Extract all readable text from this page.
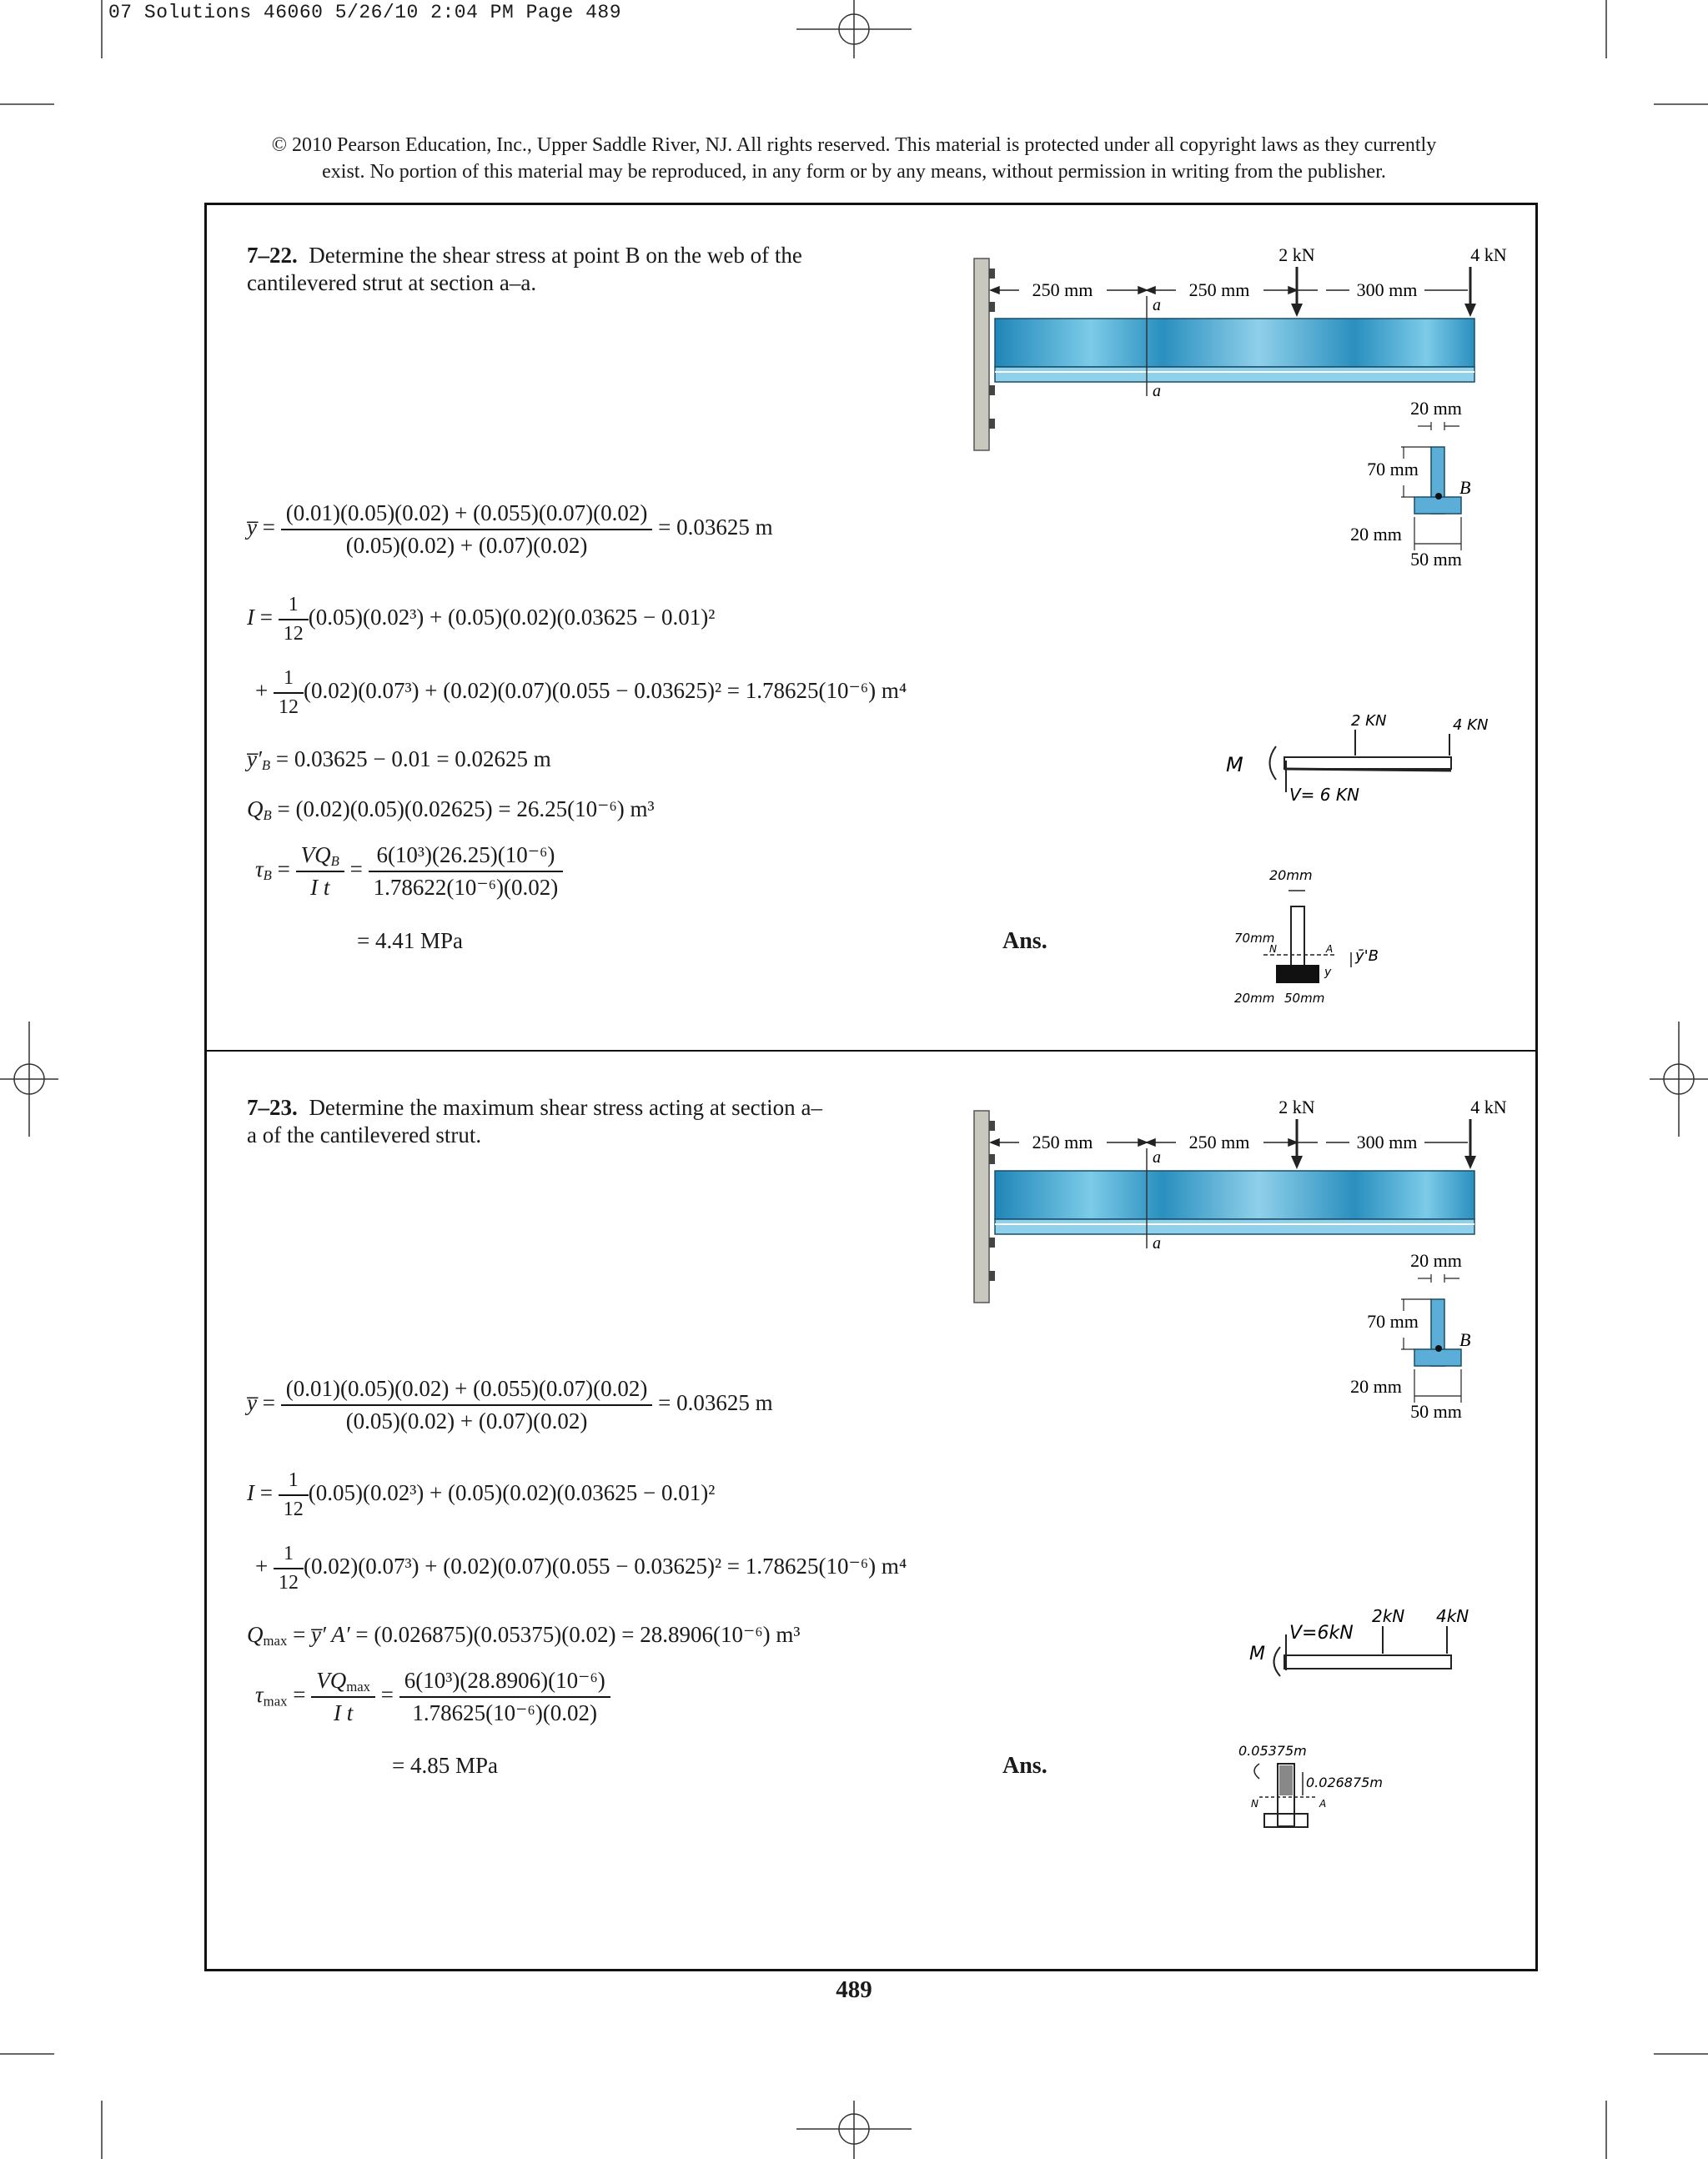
07 Solutions 46060 5/26/10 2:04 PM Page 489
© 2010 Pearson Education, Inc., Upper Saddle River, NJ. All rights reserved. This material is protected under all copyright laws as they currently
exist. No portion of this material may be reproduced, in any form or by any means, without permission in writing from the publisher.
7–22. Determine the shear stress at point B on the web of the cantilevered strut at section a–a.
y̅ = $\frac{(0.01)(0.05)(0.02) + (0.055)(0.07)(0.02)}{(0.05)(0.02) + (0.07)(0.02)} = 0.03625$ m
$I = \frac{1}{12} (0.05)(0.02^3) + (0.05)(0.02)(0.03625 - 0.01)^2$
+ $\frac{1}{12} (0.02)(0.07^3) + (0.02)(0.07)(0.055 - 0.03625)^2 = 1.78625(10^{-6})$ m⁴
$y̅'_B = 0.03625 - 0.01 = 0.02625$ m
$Q_B = (0.02)(0.05)(0.02625) = 26.25(10^{-6})$ m³
$\tau_B = \frac{VQ_B}{\text{I t}} = \frac{\text{6(10³)(26.25)(10⁻⁶)}}{\text{1.78622(10⁻⁶)(0.02)}}$
= 4.41 MPa	Ans.
7–23. Determine the maximum shear stress acting at section a–a of the cantilevered strut.
y̅ = $\frac{(0.01)(0.05)(0.02) + (0.055)(0.07)(0.02)}{(0.05)(0.02) + (0.07)(0.02)} = 0.03625$ m
$I = \frac{1}{12} (0.05)(0.02^3) + (0.05)(0.02)(0.03625 - 0.01)^2$
+ $\frac{1}{12} (0.02)(0.07^3) + (0.02)(0.07)(0.055 - 0.03625)^2 = 1.78625(10^{-6})$ m⁴
$Q_{max}$ = y̅′ A′ = (0.026875)(0.05375)(0.02) = 28.8906(10⁻⁶) m³
$\tau_{max} = \frac{VQ_{max}}{\text{I t}} = \frac{\text{6(10³)(28.8906)(10⁻⁶)}}{\text{1.78625(10⁻⁶)(0.02)}}$
= 4.85 MPa	Ans.
250 mm	250 mm	300 mm
a
a
2 kN	4 kN
20 mm
B
70 mm
20 mm
50 mm
M
V= 6 KN
2 KN	4 KN
20mm
70mm
N	A
y
ȳ'B
20mm 50mm
250 mm	250 mm	300 mm
a
a
2 kN	4 kN
20 mm
B
70 mm
20 mm
50 mm
M
V=6kN
2kN 4kN
0.05375m
N	A
0.026875m
489
